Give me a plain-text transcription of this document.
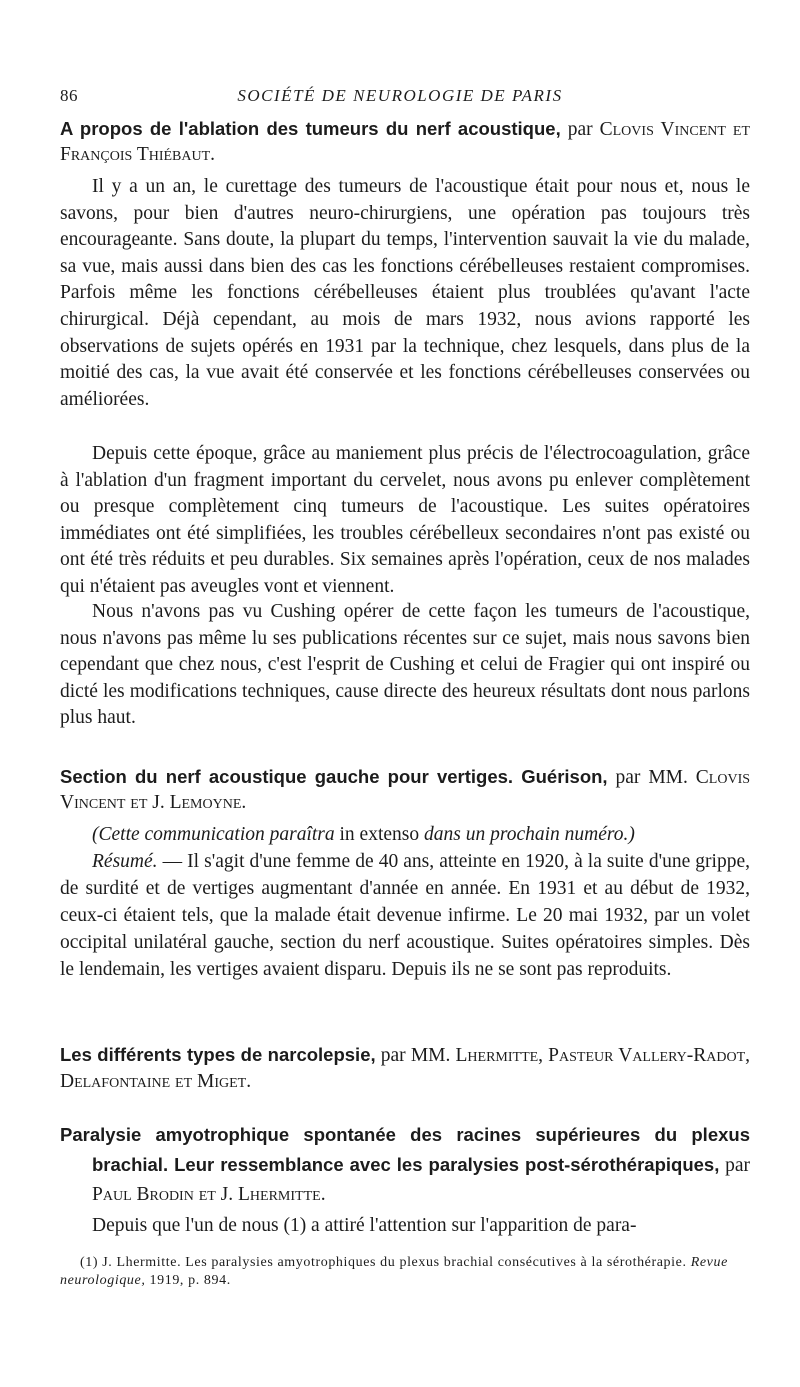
86	SOCIÉTÉ DE NEUROLOGIE DE PARIS

A propos de l'ablation des tumeurs du nerf acoustique, par Clovis Vincent et François Thiébaut.

Il y a un an, le curettage des tumeurs de l'acoustique était pour nous et, nous le savons, pour bien d'autres neuro-chirurgiens, une opération pas toujours très encourageante. Sans doute, la plupart du temps, l'intervention sauvait la vie du malade, sa vue, mais aussi dans bien des cas les fonctions cérébelleuses restaient compromises. Parfois même les fonctions cérébelleuses étaient plus troublées qu'avant l'acte chirurgical. Déjà cependant, au mois de mars 1932, nous avions rapporté les observations de sujets opérés en 1931 par la technique, chez lesquels, dans plus de la moitié des cas, la vue avait été conservée et les fonctions cérébelleuses conservées ou améliorées.

Depuis cette époque, grâce au maniement plus précis de l'électrocoagulation, grâce à l'ablation d'un fragment important du cervelet, nous avons pu enlever complètement ou presque complètement cinq tumeurs de l'acoustique. Les suites opératoires immédiates ont été simplifiées, les troubles cérébelleux secondaires n'ont pas existé ou ont été très réduits et peu durables. Six semaines après l'opération, ceux de nos malades qui n'étaient pas aveugles vont et viennent.

Nous n'avons pas vu Cushing opérer de cette façon les tumeurs de l'acoustique, nous n'avons pas même lu ses publications récentes sur ce sujet, mais nous savons bien cependant que chez nous, c'est l'esprit de Cushing et celui de Fragier qui ont inspiré ou dicté les modifications techniques, cause directe des heureux résultats dont nous parlons plus haut.

Section du nerf acoustique gauche pour vertiges. Guérison, par MM. Clovis Vincent et J. Lemoyne.

(Cette communication paraîtra in extenso dans un prochain numéro.)

Résumé. — Il s'agit d'une femme de 40 ans, atteinte en 1920, à la suite d'une grippe, de surdité et de vertiges augmentant d'année en année. En 1931 et au début de 1932, ceux-ci étaient tels, que la malade était devenue infirme. Le 20 mai 1932, par un volet occipital unilatéral gauche, section du nerf acoustique. Suites opératoires simples. Dès le lendemain, les vertiges avaient disparu. Depuis ils ne se sont pas reproduits.

Les différents types de narcolepsie, par MM. Lhermitte, Pasteur Vallery-Radot, Delafontaine et Miget.

Paralysie amyotrophique spontanée des racines supérieures du plexus brachial. Leur ressemblance avec les paralysies post-sérothérapiques, par Paul Brodin et J. Lhermitte.

Depuis que l'un de nous (1) a attiré l'attention sur l'apparition de para-

(1) J. Lhermitte. Les paralysies amyotrophiques du plexus brachial consécutives à la sérothérapie. Revue neurologique, 1919, p. 894.
